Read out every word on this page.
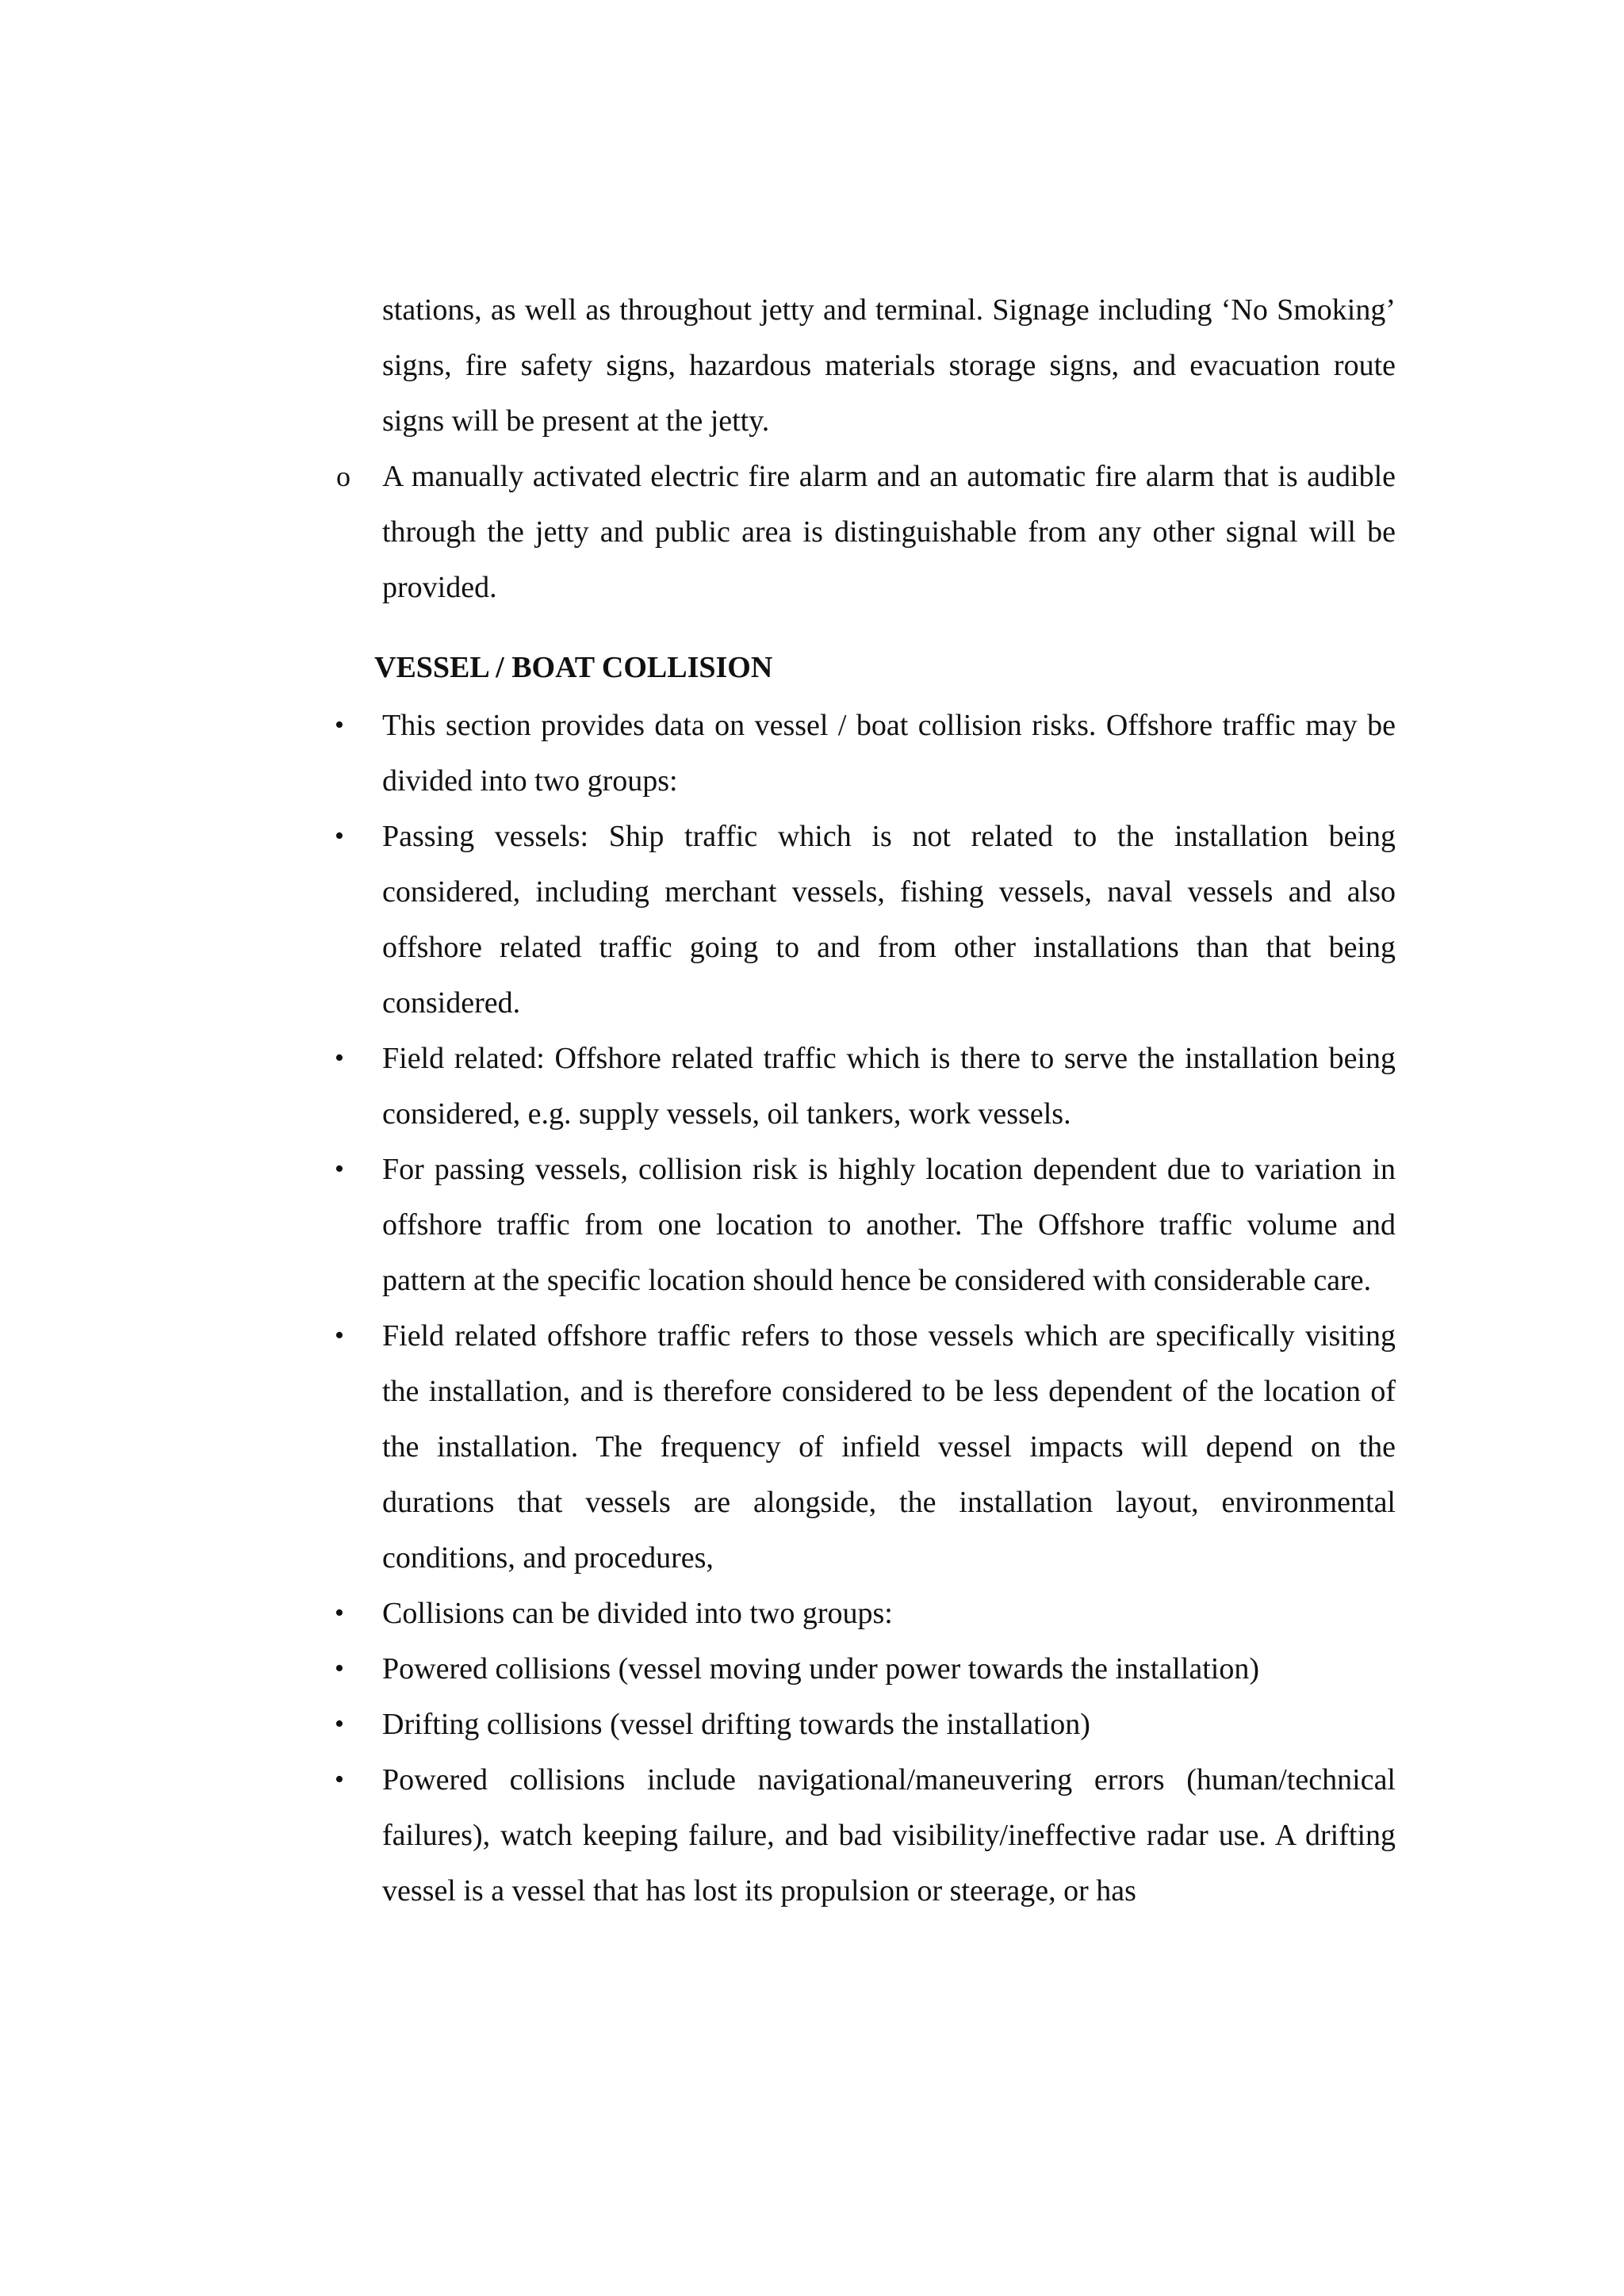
stations, as well as throughout jetty and terminal. Signage including ‘No Smoking’ signs, fire safety signs, hazardous materials storage signs, and evacuation route signs will be present at the jetty.

o	A manually activated electric fire alarm and an automatic fire alarm that is audible through the jetty and public area is distinguishable from any other signal will be provided.
VESSEL / BOAT COLLISION
•	This section provides data on vessel / boat collision risks. Offshore traffic may be divided into two groups:
•	Passing vessels: Ship traffic which is not related to the installation being considered, including merchant vessels, fishing vessels, naval vessels and also offshore related traffic going to and from other installations than that being considered.
•	Field related: Offshore related traffic which is there to serve the installation being considered, e.g. supply vessels, oil tankers, work vessels.
•	For passing vessels, collision risk is highly location dependent due to variation in offshore traffic from one location to another. The Offshore traffic volume and pattern at the specific location should hence be considered with considerable care.
•	Field related offshore traffic refers to those vessels which are specifically visiting the installation, and is therefore considered to be less dependent of the location of the installation. The frequency of infield vessel impacts will depend on the durations that vessels are alongside, the installation layout, environmental conditions, and procedures,
•	Collisions can be divided into two groups:
•	Powered collisions (vessel moving under power towards the installation)
•	Drifting collisions (vessel drifting towards the installation)
•	Powered collisions include navigational/maneuvering errors (human/technical failures), watch keeping failure, and bad visibility/ineffective radar use. A drifting vessel is a vessel that has lost its propulsion or steerage, or has
